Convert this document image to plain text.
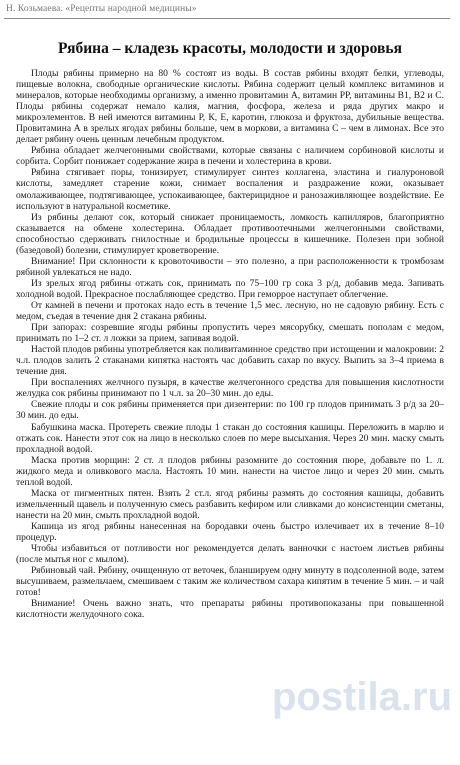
Н. Козьмаева. «Рецепты народной медицины»
Рябина – кладезь красоты, молодости и здоровья

Плоды рябины примерно на 80 % состоят из воды. В состав рябины входят белки, углеводы, пищевые волокна, свободные органические кислоты. Рябина содержит целый комплекс витаминов и минералов, которые необходимы организму, а именно провитамин А, витамин РР, витамины В1, В2 и С. Плоды рябины содержат немало калия, магния, фосфора, железа и ряда других макро и микроэлементов. В ней имеются витамины Р, К, Е, каротин, глюкоза и фруктоза, дубильные вещества. Провитамина А в зрелых ягодах рябины больше, чем в моркови, а витамина С – чем в лимонах. Все это делает рябину очень ценным лечебным продуктом.

Рябина обладает желчегонными свойствами, которые связаны с наличием сорбиновой кислоты и сорбита. Сорбит понижает содержание жира в печени и холестерина в крови.

Рябина стягивает поры, тонизирует, стимулирует синтез коллагена, эластина и гиалуроновой кислоты, замедляет старение кожи, снимает воспаления и раздражение кожи, оказывает омолаживающее, подтягивающее, успокаивающее, бактерицидное и ранозаживляющее воздействие. Ее используют в натуральной косметике.

Из рябины делают сок, который снижает проницаемость, ломкость капилляров, благоприятно сказывается на обмене холестерина. Обладает противоотечными желчегонными свойствами, способностью сдерживать гнилостные и бродильные процессы в кишечнике. Полезен при зобной (базедовой) болезни, стимулирует кроветворение.

Внимание! При склонности к кровоточивости – это полезно, а при расположенности к тромбозам рябиной увлекаться не надо.

Из зрелых ягод рябины отжать сок, принимать по 75–100 гр сока 3 р/д, добавив меда. Запивать холодной водой. Прекрасное послабляющее средство. При геморрое наступает облегчение.

От камней в печени и протоках надо есть в течение 1,5 мес. лесную, но не садовую рябину. Есть с медом, съедая в течение дня 2 стакана рябины.

При запорах: созревшие ягоды рябины пропустить через мясорубку, смешать пополам с медом, принимать по 1–2 ст. л ложки за прием, запивая водой.

Настой плодов рябины употребляется как поливитаминное средство при истощении и малокровии: 2 ч.л. плодов залить 2 стаканами кипятка настоять час добавить сахар по вкусу. Выпить за 3–4 приема в течение дня.

При воспалениях желчного пузыря, в качестве желчегонного средства для повышения кислотности желудка сок рябины принимают по 1 ч.л. за 20–30 мин. до еды.

Свежие плоды и сок рябины применяется при дизентерии: по 100 гр плодов принимать 3 р/д за 20–30 мин. до еды.

Бабушкина маска. Протереть свежие плоды 1 стакан до состояния кашицы. Переложить в марлю и отжать сок. Нанести этот сок на лицо в несколько слоев по мере высыхания. Через 20 мин. маску смыть прохладной водой.

Маска против морщин: 2 ст. л плодов рябины разомните до состояния пюре, добавьте по 1. л. жидкого меда и оливкового масла. Настоять 10 мин. нанести на чистое лицо и через 20 мин. смыть теплой водой.

Маска от пигментных пятен. Взять 2 ст.л. ягод рябины размять до состояния кашицы, добавить измельченный щавель и полученную смесь разбавить кефиром или сливками до консистенции сметаны, нанести на 20 мин, смыть прохладной водой.

Кашица из ягод рябины нанесенная на бородавки очень быстро излечивает их в течение 8–10 процедур.

Чтобы избавиться от потливости ног рекомендуется делать ванночки с настоем листьев рябины (после мытья ног с мылом).

Рябиновый чай. Рябину, очищенную от веточек, бланшируем одну минуту в подсоленной воде, затем высушиваем, размельчаем, смешиваем с таким же количеством сахара кипятим в течение 5 мин. – и чай готов!

Внимание! Очень важно знать, что препараты рябины противопоказаны при повышенной кислотности желудочного сока.

postila.ru
